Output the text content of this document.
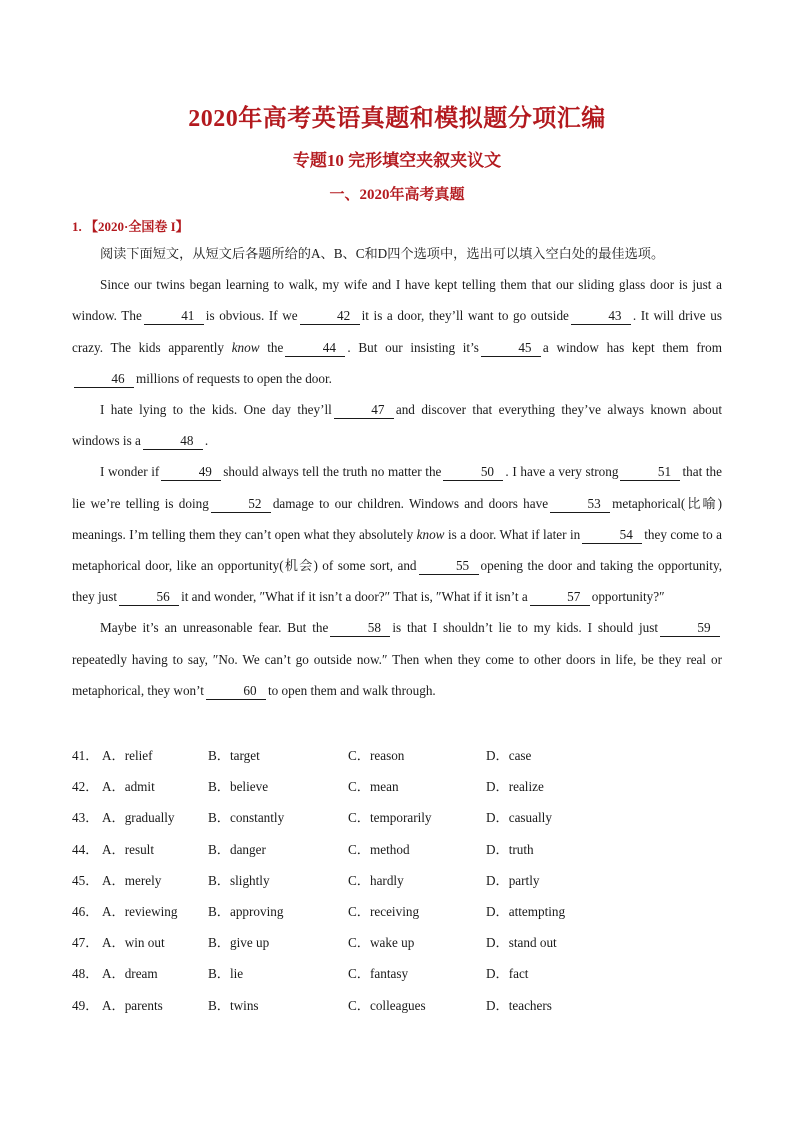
2020年高考英语真题和模拟题分项汇编
专题10 完形填空夹叙夹议文
一、2020年高考真题
1. 【2020·全国卷 I】

阅读下面短文，从短文后各题所给的A、B、C和D四个选项中，选出可以填入空白处的最佳选项。

Since our twins began learning to walk, my wife and I have kept telling them that our sliding glass door is just a window. The	41 is obvious. If we	42 it is a door, they’ll want to go outside	43 . It will drive us crazy. The kids apparently know the	44 . But our insisting it’s	45 a window has kept them from46 millions of requests to open the door.

I hate lying to the kids. One day they’ll	47 and discover that everything they’ve always known about windows is a	48 .

I wonder if	49 should always tell the truth no matter the	50 . I have a very strong	51 that the lie we’re telling is doing	52 damage to our children. Windows and doors have	53 metaphorical(比喻) meanings. I’m telling them they can’t open what they absolutely know is a door. What if later in	54 they come to a metaphorical door, like an opportunity(机会) of some sort, and	55 opening the door and taking the opportunity, they just	56 it and wonder, ″What if it isn’t a door?″ That is, ″What if it isn’t a	57 opportunity?″

Maybe it’s an unreasonable fear. But the	58 is that I shouldn’t lie to my kids. I should just	59repeatedly having to say, ″No. We can’t go outside now.″ Then when they come to other doors in life, be they real or metaphorical, they won’t	60 to open them and walk through.

41． A．relief	B．target	C．reason	D．case
42． A．admit	B．believe	C．mean	D．realize
43． A．gradually	B．constantly	C．temporarily	D．casually
44． A．result	B．danger	C．method	D．truth
45． A．merely	B．slightly	C．hardly	D．partly
46． A．reviewing B．approving	C．receiving	D．attempting
47． A．win out	B．give up	C．wake up	D．stand out
48． A．dream	B．lie	C．fantasy	D．fact
49． A．parents	B．twins	C．colleagues	D．teachers
